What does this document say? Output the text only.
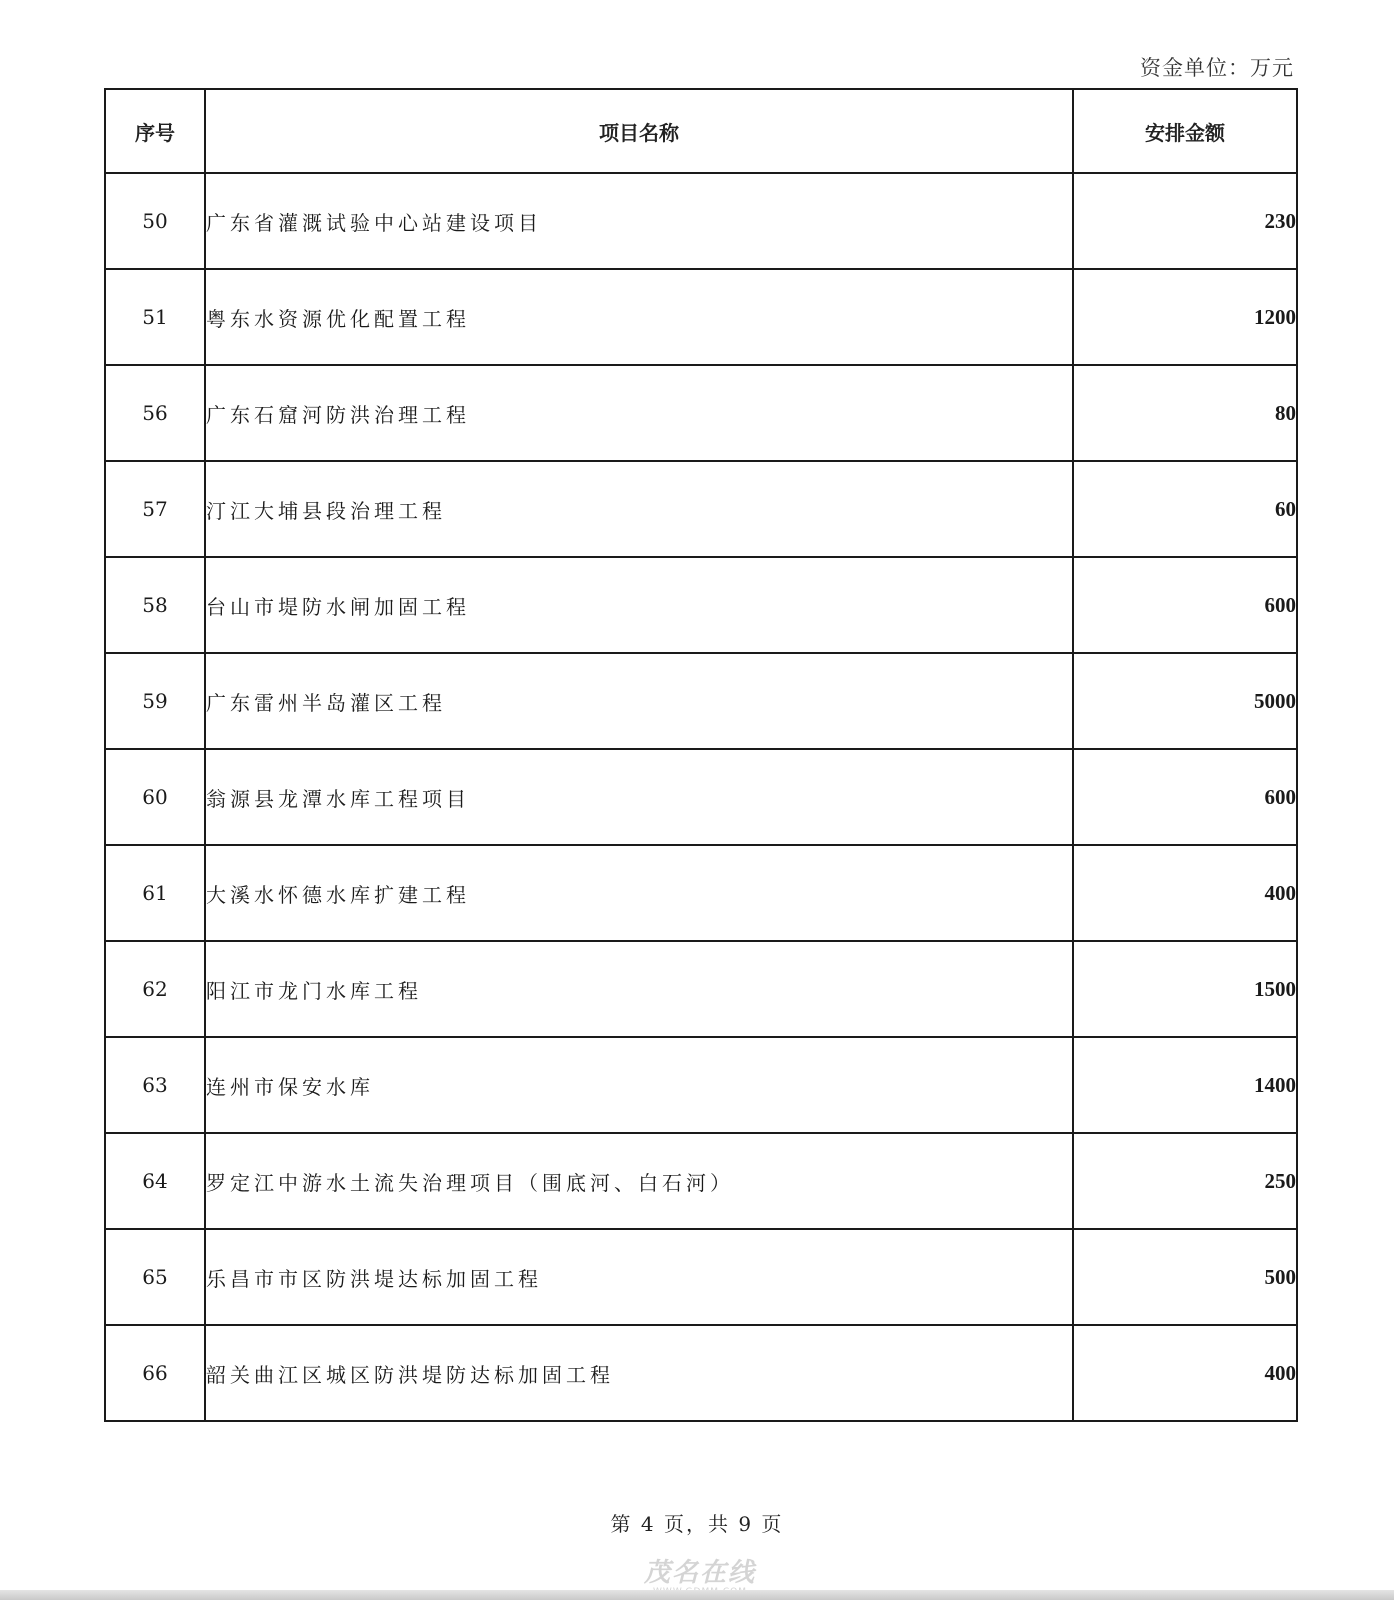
资金单位：万元
序号	项目名称	安排金额
50	广东省灌溉试验中心站建设项目	230
51	粤东水资源优化配置工程	1200
56	广东石窟河防洪治理工程	80
57	汀江大埔县段治理工程	60
58	台山市堤防水闸加固工程	600
59	广东雷州半岛灌区工程	5000
60	翁源县龙潭水库工程项目	600
61	大溪水怀德水库扩建工程	400
62	阳江市龙门水库工程	1500
63	连州市保安水库	1400
64	罗定江中游水土流失治理项目（围底河、白石河）	250
65	乐昌市市区防洪堤达标加固工程	500
66	韶关曲江区城区防洪堤防达标加固工程	400
第 4 页，共 9 页
茂名在线
